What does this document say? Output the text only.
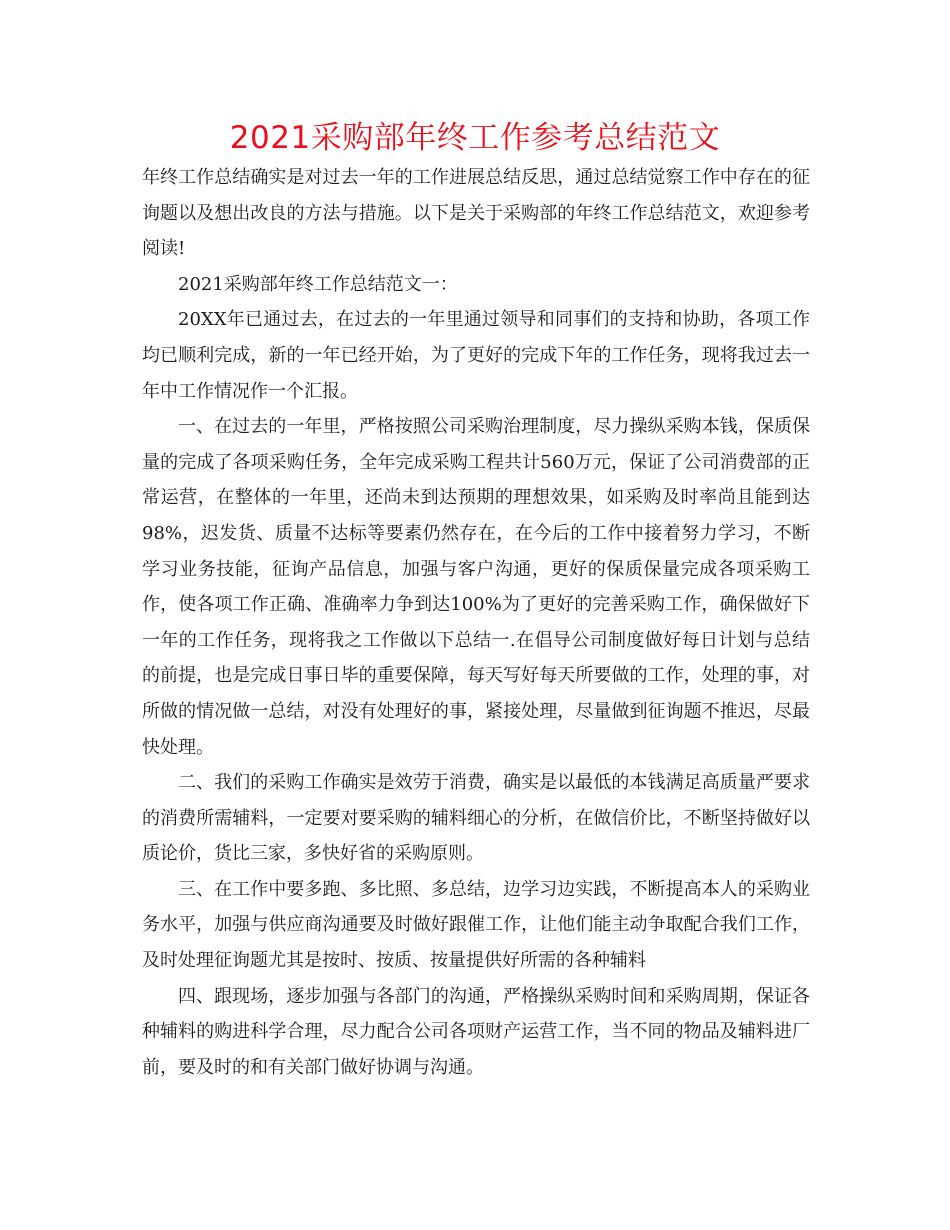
2021采购部年终工作参考总结范文

年终工作总结确实是对过去一年的工作进展总结反思，通过总结觉察工作中存在的征询题以及想出改良的方法与措施。以下是关于采购部的年终工作总结范文，欢迎参考阅读!

2021采购部年终工作总结范文一：

20XX年已通过去，在过去的一年里通过领导和同事们的支持和协助，各项工作均已顺利完成，新的一年已经开始，为了更好的完成下年的工作任务，现将我过去一年中工作情况作一个汇报。

一、在过去的一年里，严格按照公司采购治理制度，尽力操纵采购本钱，保质保量的完成了各项采购任务，全年完成采购工程共计560万元，保证了公司消费部的正常运营，在整体的一年里，还尚未到达预期的理想效果，如采购及时率尚且能到达98%，迟发货、质量不达标等要素仍然存在，在今后的工作中接着努力学习，不断学习业务技能，征询产品信息，加强与客户沟通，更好的保质保量完成各项采购工作，使各项工作正确、准确率力争到达100%为了更好的完善采购工作，确保做好下一年的工作任务，现将我之工作做以下总结一.在倡导公司制度做好每日计划与总结的前提，也是完成日事日毕的重要保障，每天写好每天所要做的工作，处理的事，对所做的情况做一总结，对没有处理好的事，紧接处理，尽量做到征询题不推迟，尽最快处理。

二、我们的采购工作确实是效劳于消费，确实是以最低的本钱满足高质量严要求的消费所需辅料，一定要对要采购的辅料细心的分析，在做信价比，不断坚持做好以质论价，货比三家，多快好省的采购原则。

三、在工作中要多跑、多比照、多总结，边学习边实践，不断提高本人的采购业务水平，加强与供应商沟通要及时做好跟催工作，让他们能主动争取配合我们工作，及时处理征询题尤其是按时、按质、按量提供好所需的各种辅料

四、跟现场，逐步加强与各部门的沟通，严格操纵采购时间和采购周期，保证各种辅料的购进科学合理，尽力配合公司各项财产运营工作，当不同的物品及辅料进厂前，要及时的和有关部门做好协调与沟通。
